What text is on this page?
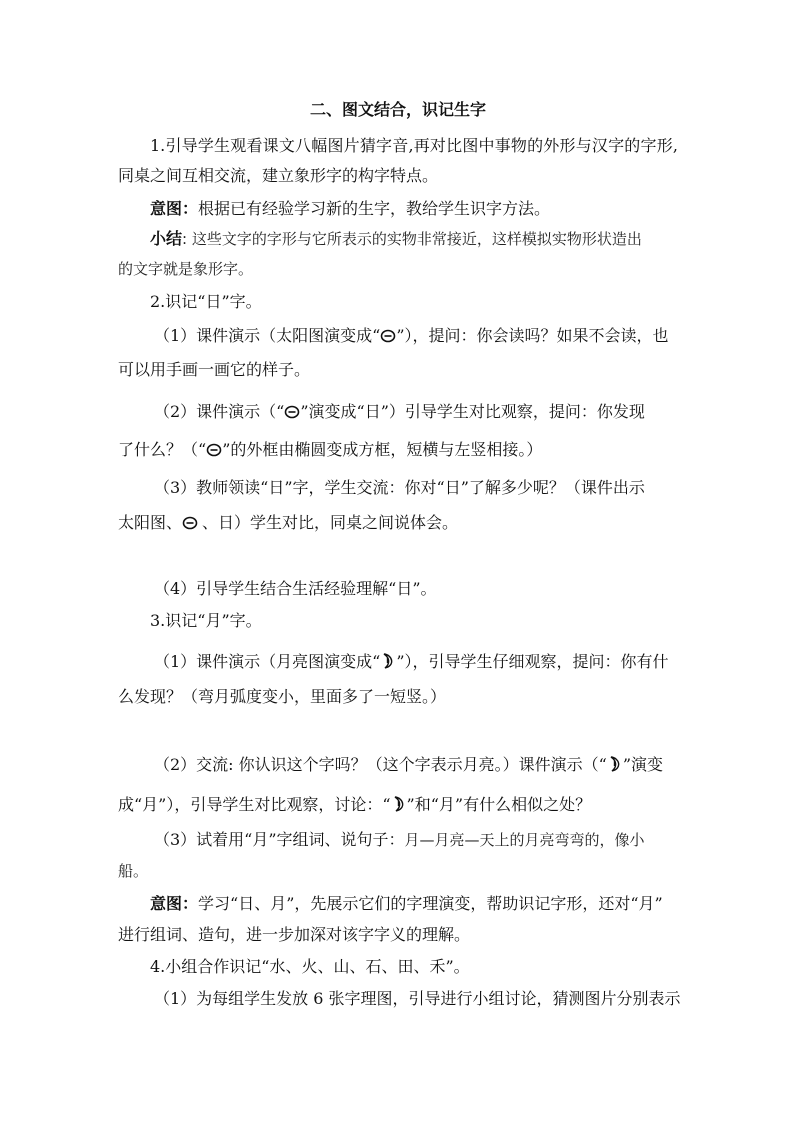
二、图文结合，识记生字
1.引导学生观看课文八幅图片猜字音,再对比图中事物的外形与汉字的字形,
同桌之间互相交流，建立象形字的构字特点。
意图：根据已有经验学习新的生字，教给学生识字方法。
小结: 这些文字的字形与它所表示的实物非常接近，这样模拟实物形状造出
的文字就是象形字。
2.识记“日”字。
（1）课件演示（太阳图演变成“ ”），提问：你会读吗？如果不会读，也
可以用手画一画它的样子。
（2）课件演示（“ ”演变成“日”）引导学生对比观察，提问：你发现
了什么？（“ ”的外框由椭圆变成方框，短横与左竖相接。）
（3）教师领读“日”字，学生交流：你对“日”了解多少呢？（课件出示
太阳图、 、日）学生对比，同桌之间说体会。
（4）引导学生结合生活经验理解“日”。
3.识记“月”字。
（1）课件演示（月亮图演变成“ ”），引导学生仔细观察，提问：你有什
么发现？（弯月弧度变小，里面多了一短竖。）
（2）交流: 你认识这个字吗？（这个字表示月亮。）课件演示（“ ”演变
成“月”），引导学生对比观察，讨论：“ ”和“月”有什么相似之处？
（3）试着用“月”字组词、说句子：月—月亮—天上的月亮弯弯的，像小
船。
意图：学习“日、月”，先展示它们的字理演变，帮助识记字形，还对“月”
进行组词、造句，进一步加深对该字字义的理解。
4.小组合作识记“水、火、山、石、田、禾”。
（1）为每组学生发放 6 张字理图，引导进行小组讨论，猜测图片分别表示
